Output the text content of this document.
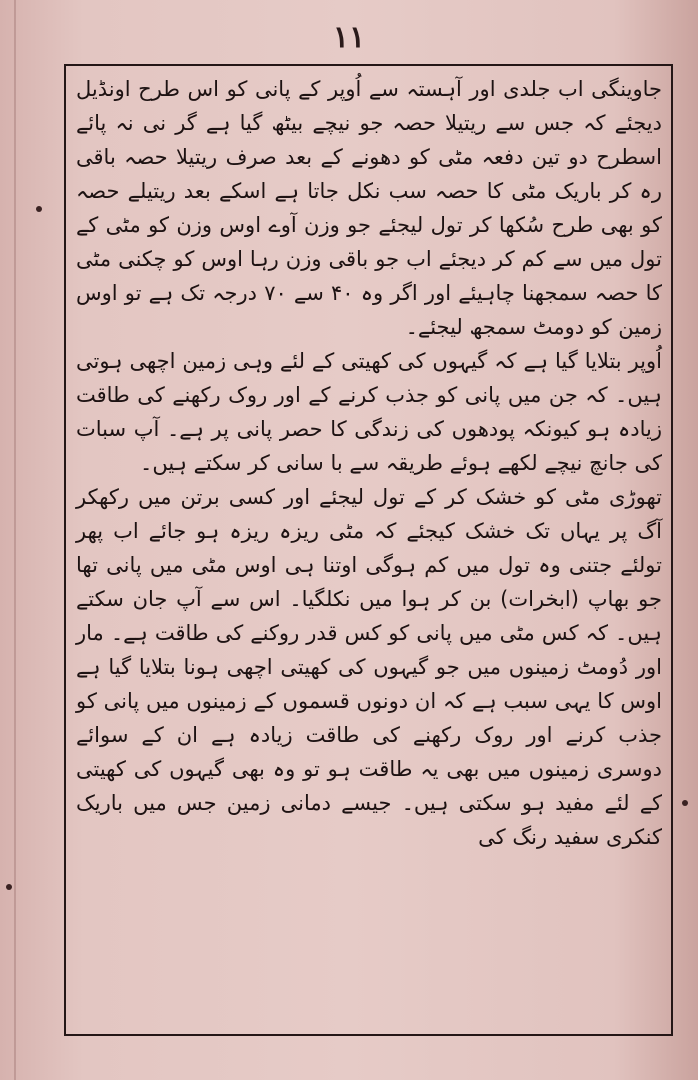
١١

جاوینگی اب جلدی اور آہستہ سے اُوپر کے پانی کو اس طرح اونڈیل دیجئے کہ جس سے ریتیلا حصہ جو نیچے بیٹھ گیا ہے گر نی نہ پائے اسطرح دو تین دفعہ مٹی کو دھونے کے بعد صرف ریتیلا حصہ باقی رہ کر باریک مٹی کا حصہ سب نکل جاتا ہے اسکے بعد ریتیلے حصہ کو بھی طرح سُکھا کر تول لیجئے جو وزن آوے اوس وزن کو مٹی کے تول میں سے کم کر دیجئے اب جو باقی وزن رہا اوس کو چکنی مٹی کا حصہ سمجھنا چاہیئے اور اگر وہ ۴۰ سے ۷۰ درجہ تک ہے تو اوس زمین کو دومٹ سمجھ لیجئے۔

اُوپر بتلایا گیا ہے کہ گیہوں کی کھیتی کے لئے وہی زمین اچھی ہوتی ہیں۔ کہ جن میں پانی کو جذب کرنے کے اور روک رکھنے کی طاقت زیادہ ہو کیونکہ پودھوں کی زندگی کا حصر پانی پر ہے۔ آپ سبات کی جانچ نیچے لکھے ہوئے طریقہ سے با سانی کر سکتے ہیں۔

تھوڑی مٹی کو خشک کر کے تول لیجئے اور کسی برتن میں رکھکر آگ پر یہاں تک خشک کیجئے کہ مٹی ریزہ ریزہ ہو جائے اب پھر تولئے جتنی وہ تول میں کم ہوگی اوتنا ہی اوس مٹی میں پانی تھا جو بھاپ (ابخرات) بن کر ہوا میں نکلگیا۔ اس سے آپ جان سکتے ہیں۔ کہ کس مٹی میں پانی کو کس قدر روکنے کی طاقت ہے۔ مار اور دُومٹ زمینوں میں جو گیہوں کی کھیتی اچھی ہونا بتلایا گیا ہے اوس کا یہی سبب ہے کہ ان دونوں قسموں کے زمینوں میں پانی کو جذب کرنے اور روک رکھنے کی طاقت زیادہ ہے ان کے سوائے دوسری زمینوں میں بھی یہ طاقت ہو تو وہ بھی گیہوں کی کھیتی کے لئے مفید ہو سکتی ہیں۔ جیسے دمانی زمین جس میں باریک کنکری سفید رنگ کی
